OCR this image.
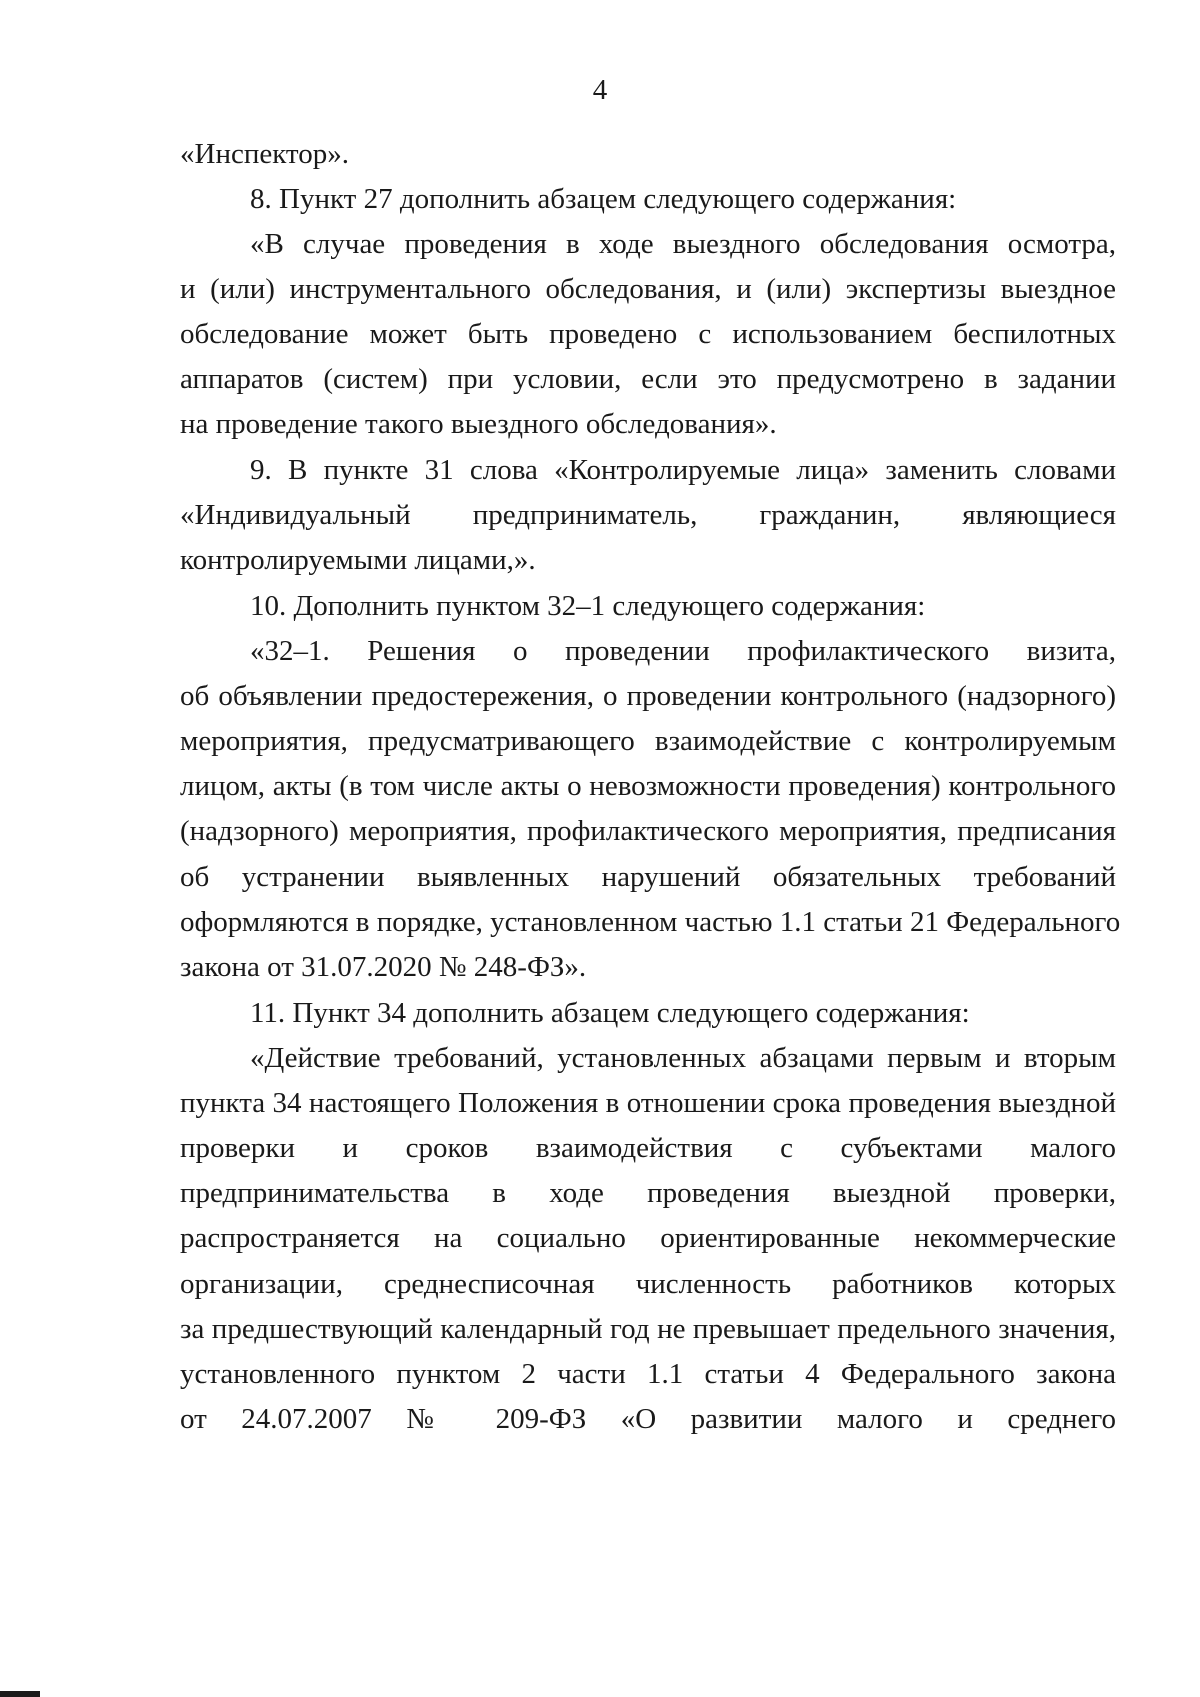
4
«Инспектор».
8. Пункт 27 дополнить абзацем следующего содержания:
«В случае проведения в ходе выездного обследования осмотра,
и (или) инструментального обследования, и (или) экспертизы выездное
обследование может быть проведено с использованием беспилотных
аппаратов (систем) при условии, если это предусмотрено в задании
на проведение такого выездного обследования».
9. В пункте 31 слова «Контролируемые лица» заменить словами
«Индивидуальный предприниматель, гражданин, являющиеся
контролируемыми лицами,».
10. Дополнить пунктом 32–1 следующего содержания:
«32–1. Решения о проведении профилактического визита,
об объявлении предостережения, о проведении контрольного (надзорного)
мероприятия, предусматривающего взаимодействие с контролируемым
лицом, акты (в том числе акты о невозможности проведения) контрольного
(надзорного) мероприятия, профилактического мероприятия, предписания
об устранении выявленных нарушений обязательных требований
оформляются в порядке, установленном частью 1.1 статьи 21 Федерального
закона от 31.07.2020 № 248-ФЗ».
11. Пункт 34 дополнить абзацем следующего содержания:
«Действие требований, установленных абзацами первым и вторым
пункта 34 настоящего Положения в отношении срока проведения выездной
проверки и сроков взаимодействия с субъектами малого
предпринимательства в ходе проведения выездной проверки,
распространяется на социально ориентированные некоммерческие
организации, среднесписочная численность работников которых
за предшествующий календарный год не превышает предельного значения,
установленного пунктом 2 части 1.1 статьи 4 Федерального закона
от 24.07.2007 № 209-ФЗ «О развитии малого и среднего
